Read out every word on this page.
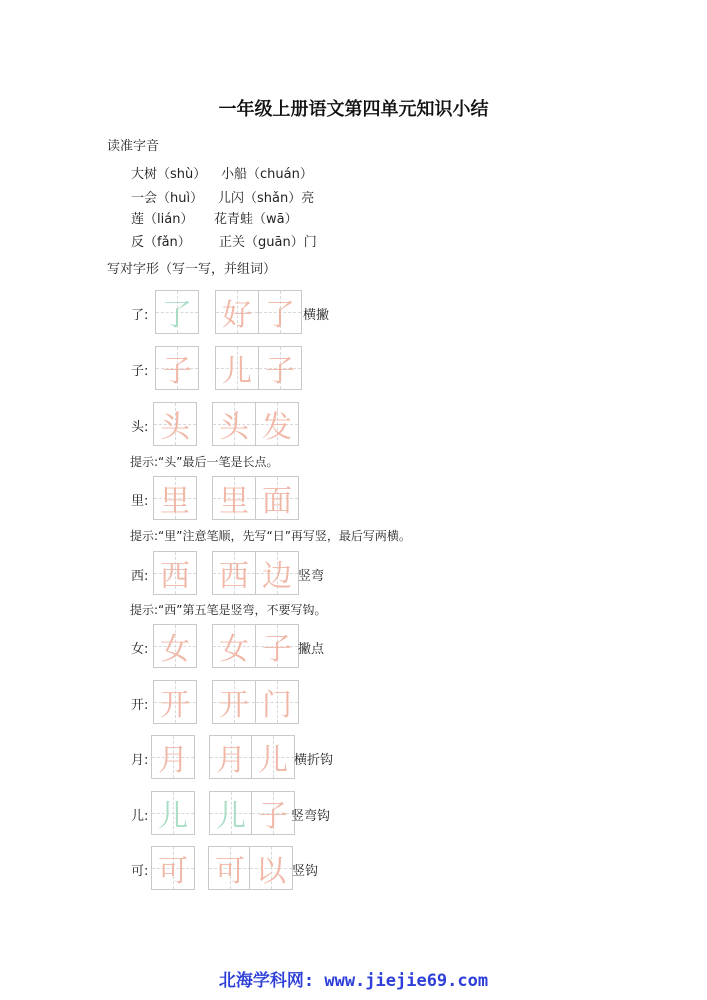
一年级上册语文第四单元知识小结
读准字音
大树（shù） 小船（chuán）
一会（huì） 儿闪（shǎn）亮
莲（lián） 花青蛙（wā）
反（fǎn） 正关（guān）门
写对字形（写一写，并组词）
了: 了 好 了 横撇
子: 子 儿 子
头: 头 头 发
提示:“头”最后一笔是长点。
里: 里 里 面
提示:“里”注意笔顺，先写“日”再写竖，最后写两横。
西: 西 西 边 竖弯
提示:“西”第五笔是竖弯，不要写钩。
女: 女 女 子 撇点
开: 开 开 门
月: 月 月 儿 横折钩
儿: 儿 儿 子 竖弯钩
可: 可 可 以 竖钩
北海学科网: www.jiejie69.com
